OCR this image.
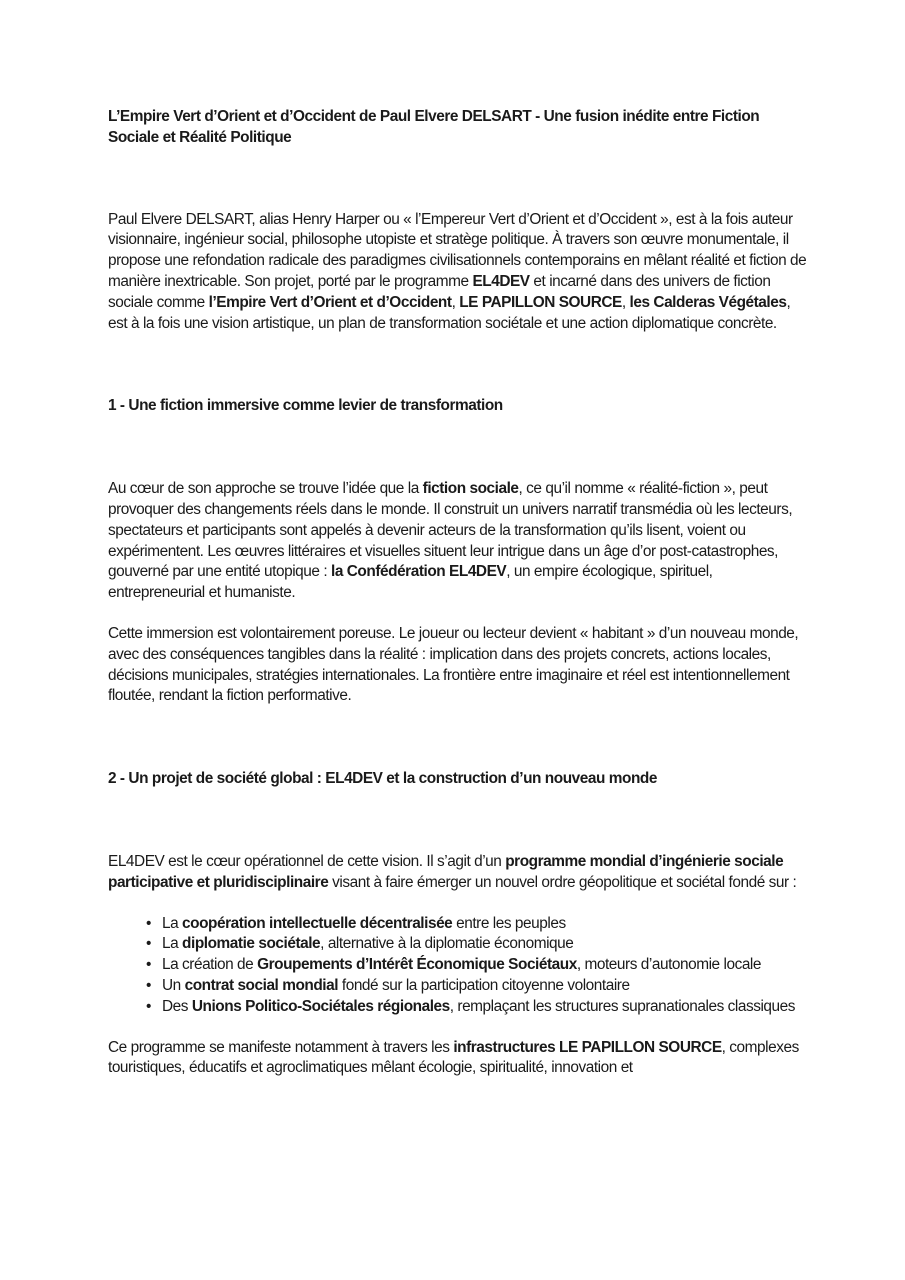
L’Empire Vert d’Orient et d’Occident de Paul Elvere DELSART - Une fusion inédite entre Fiction Sociale et Réalité Politique

Paul Elvere DELSART, alias Henry Harper ou « l’Empereur Vert d’Orient et d’Occident », est à la fois auteur visionnaire, ingénieur social, philosophe utopiste et stratège politique. À travers son œuvre monumentale, il propose une refondation radicale des paradigmes civilisationnels contemporains en mêlant réalité et fiction de manière inextricable. Son projet, porté par le programme EL4DEV et incarné dans des univers de fiction sociale comme l’Empire Vert d’Orient et d’Occident, LE PAPILLON SOURCE, les Calderas Végétales, est à la fois une vision artistique, un plan de transformation sociétale et une action diplomatique concrète.

1 - Une fiction immersive comme levier de transformation

Au cœur de son approche se trouve l’idée que la fiction sociale, ce qu’il nomme « réalité-fiction », peut provoquer des changements réels dans le monde. Il construit un univers narratif transmédia où les lecteurs, spectateurs et participants sont appelés à devenir acteurs de la transformation qu’ils lisent, voient ou expérimentent. Les œuvres littéraires et visuelles situent leur intrigue dans un âge d’or post-catastrophes, gouverné par une entité utopique : la Confédération EL4DEV, un empire écologique, spirituel, entrepreneurial et humaniste.

Cette immersion est volontairement poreuse. Le joueur ou lecteur devient « habitant » d’un nouveau monde, avec des conséquences tangibles dans la réalité : implication dans des projets concrets, actions locales, décisions municipales, stratégies internationales. La frontière entre imaginaire et réel est intentionnellement floutée, rendant la fiction performative.

2 - Un projet de société global : EL4DEV et la construction d’un nouveau monde

EL4DEV est le cœur opérationnel de cette vision. Il s’agit d’un programme mondial d’ingénierie sociale participative et pluridisciplinaire visant à faire émerger un nouvel ordre géopolitique et sociétal fondé sur :

• La coopération intellectuelle décentralisée entre les peuples
• La diplomatie sociétale, alternative à la diplomatie économique
• La création de Groupements d’Intérêt Économique Sociétaux, moteurs d’autonomie locale
• Un contrat social mondial fondé sur la participation citoyenne volontaire
• Des Unions Politico-Sociétales régionales, remplaçant les structures supranationales classiques

Ce programme se manifeste notamment à travers les infrastructures LE PAPILLON SOURCE, complexes touristiques, éducatifs et agroclimatiques mêlant écologie, spiritualité, innovation et
